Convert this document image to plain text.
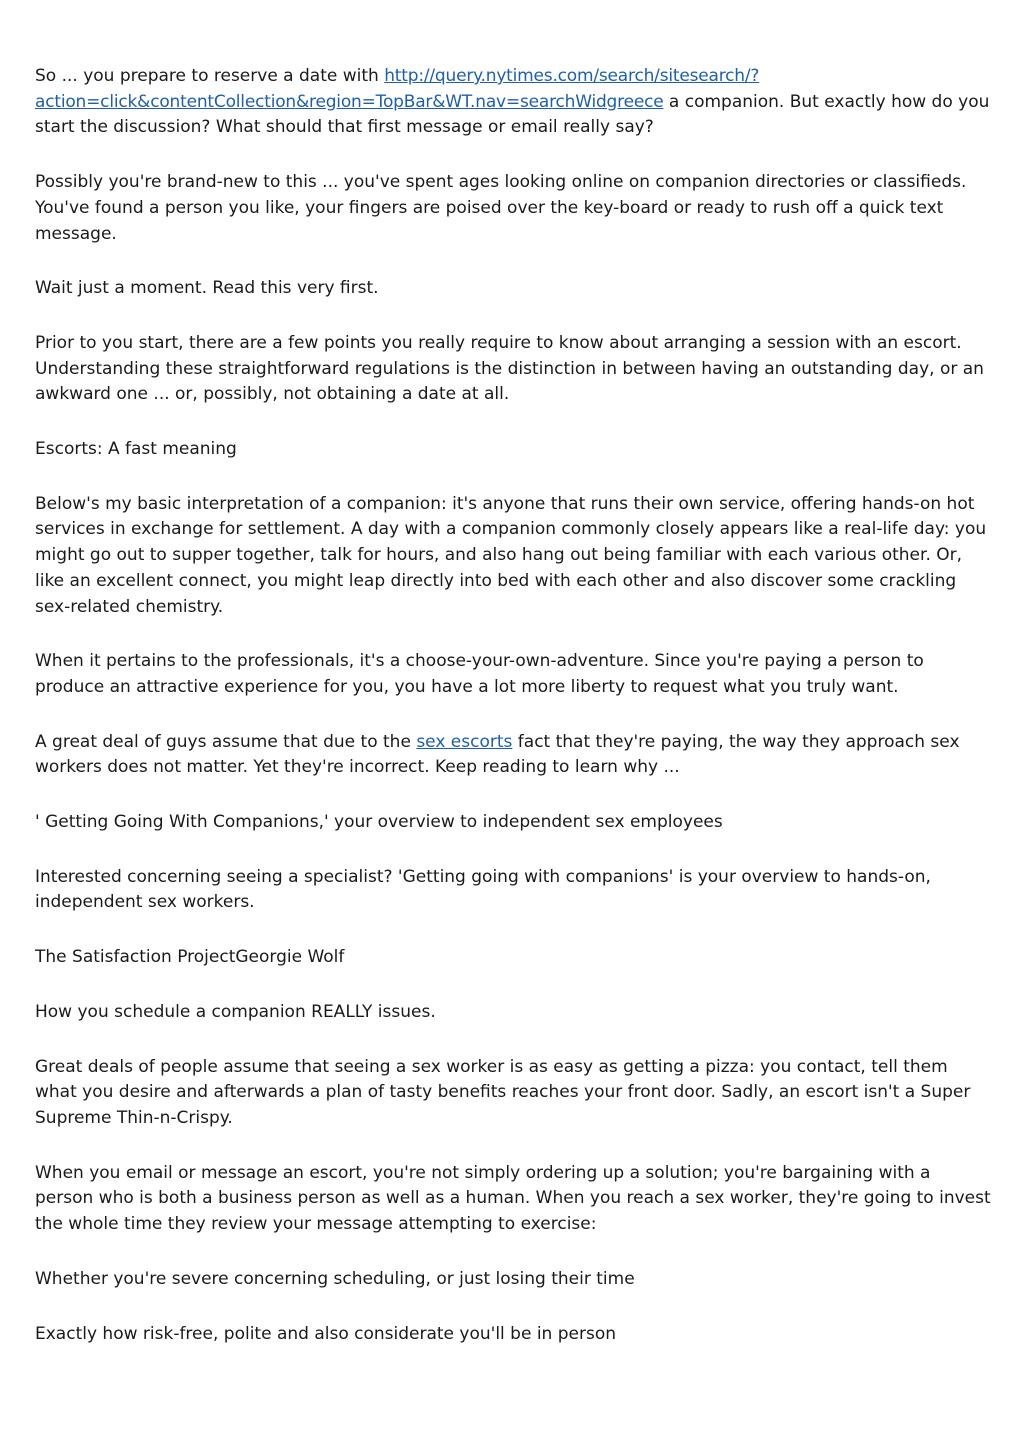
So ... you prepare to reserve a date with http://query.nytimes.com/search/sitesearch/?action=click&contentCollection&region=TopBar&WT.nav=searchWidgreece a companion. But exactly how do you start the discussion? What should that first message or email really say?

Possibly you're brand-new to this ... you've spent ages looking online on companion directories or classifieds. You've found a person you like, your fingers are poised over the key-board or ready to rush off a quick text message.

Wait just a moment. Read this very first.

Prior to you start, there are a few points you really require to know about arranging a session with an escort. Understanding these straightforward regulations is the distinction in between having an outstanding day, or an awkward one ... or, possibly, not obtaining a date at all.

Escorts: A fast meaning

Below's my basic interpretation of a companion: it's anyone that runs their own service, offering hands-on hot services in exchange for settlement. A day with a companion commonly closely appears like a real-life day: you might go out to supper together, talk for hours, and also hang out being familiar with each various other. Or, like an excellent connect, you might leap directly into bed with each other and also discover some crackling sex-related chemistry.

When it pertains to the professionals, it's a choose-your-own-adventure. Since you're paying a person to produce an attractive experience for you, you have a lot more liberty to request what you truly want.

A great deal of guys assume that due to the sex escorts fact that they're paying, the way they approach sex workers does not matter. Yet they're incorrect. Keep reading to learn why ...

' Getting Going With Companions,' your overview to independent sex employees

Interested concerning seeing a specialist? 'Getting going with companions' is your overview to hands-on, independent sex workers.

The Satisfaction ProjectGeorgie Wolf

How you schedule a companion REALLY issues.

Great deals of people assume that seeing a sex worker is as easy as getting a pizza: you contact, tell them what you desire and afterwards a plan of tasty benefits reaches your front door. Sadly, an escort isn't a Super Supreme Thin-n-Crispy.

When you email or message an escort, you're not simply ordering up a solution; you're bargaining with a person who is both a business person as well as a human. When you reach a sex worker, they're going to invest the whole time they review your message attempting to exercise:

Whether you're severe concerning scheduling, or just losing their time

Exactly how risk-free, polite and also considerate you'll be in person
